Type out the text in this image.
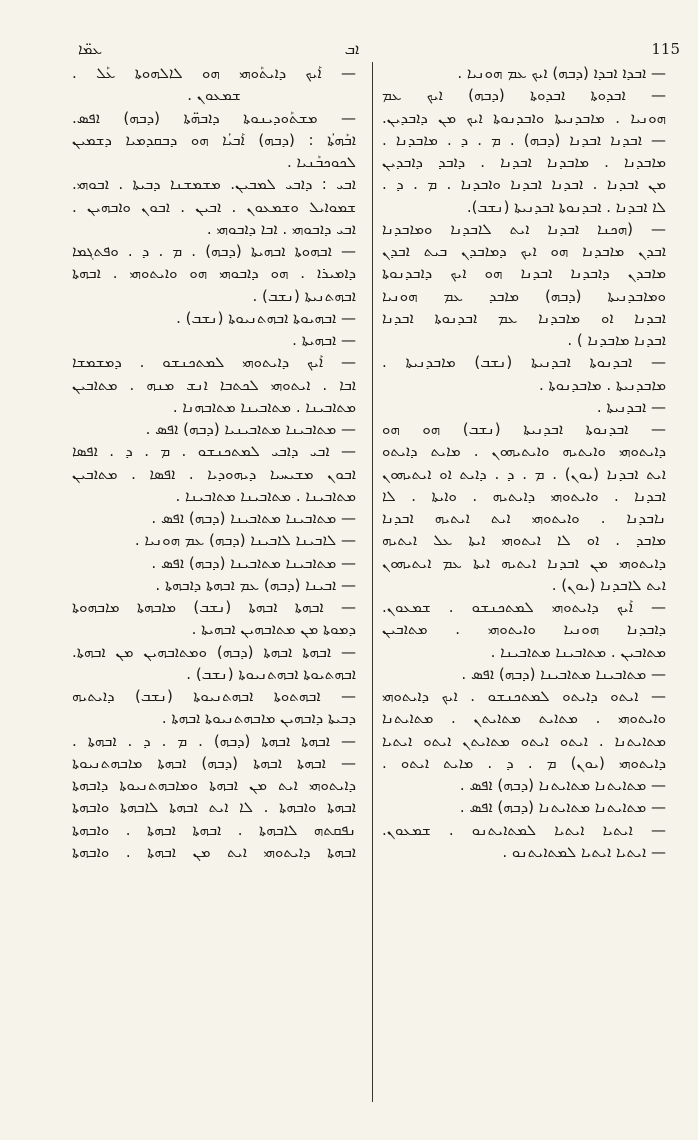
ܥܡ̈ܐ	ܐܒ	115
— ܐܰܝܟ ܕܐܝܬܰܘܗܝ ܗܘ ܠܐܠܗܘܬܐ ܥܰܠ .
ܫܡܥܘܢ .
— ܡܫܬܰܘܕܝܢܘܬܐ ܕܐܒܗ̈ܬܐ (ܕܒܗ) ܐܦܣ.
ܐܒܰܗܬܳܐ : (ܕܒܗ) ܐܰܒܝܳܐ ܗܘ ܕܒܩܕܡܝܐ ܕܫܡܝܢ
ܠܟܘܟܒܰܢܝܐ .
ܐܒܝ : ܕܐܒܝ ܠܡܒܝܢ. ܡܫܡܫܢܐ ܕܒܝܬܐ . ܐܒܘܗܝ.
ܫܡܘܐܝܠ ܘܫܡܥܘܢ . ܐܒܝܢ . ܐܒܘܢ ܘܐܒܗܝܢ .
ܐܒܝ ܕܐܒܘܗܝ . ܐܒܐ ܕܐܒܘܗܝ .
— ܐܒܗܘܬܐ ܐܒܗܝܬܐ (ܕܒܗ) . ܡ . ܕ . ܘܦܬܓܡܐ
ܕܐܡܝܪܐ . ܗܘ ܕܐܒܘܗܝ ܗܘ ܘܐܝܬܘܗܝ . ܐܒܗܬܐ
ܐܒܗܬܢܝܬܐ (ܢܫܒ) .
— ܐܒܗܝܘܬܐ ܐܒܗܬܢܝܘܬܐ (ܢܫܒ) .
— ܐܒܗܝܬܐ .
— ܐܰܝܟ ܕܐܝܬܘܗܝ ܠܡܬܟܢܫܘ . ܕܡܫܡܫܐ
ܐܒܐ . ܐܝܬܘܗܝ ܠܟܬܒܐ ܐܢܫ ܡܢܗ . ܡܬܐܒܝܢ
ܡܬܐܒܝܢܐ . ܡܬܐܒܝܢܐ ܡܬܐܒܗܢܐ .
— ܡܬܐܒܝܢܐ ܡܬܐܒܝܢܝܐ (ܕܒܗ) ܐܦܣ .
— ܐܒܝ ܕܐܒܝ ܠܡܬܟܢܫܘ . ܡ . ܕ . ܐܦܣܐ
ܐܒܘܢ ܡܫܝܚܝܐ ܕܝܗܘܕܝܐ . ܐܦܣܐ . ܡܬܐܒܝܢ
ܡܬܐܒܝܢܐ . ܡܬܐܒܝܢܐ ܡܬܐܒܝܢܐ .
— ܡܬܐܒܝܢܐ ܡܬܐܒܝܢܐ (ܕܒܗ) ܐܦܣ .
— ܠܐܒܝܢܐ ܠܐܒܝܢܐ (ܕܒܗ) ܥܡ ܗܘܢܝܐ .
— ܡܬܐܒܝܢܐ ܡܬܐܒܝܢܐ (ܕܒܗ) ܐܦܣ .
— ܐܒܝܢܐ (ܕܒܗ) ܥܡ ܐܒܗܬܐ ܕܐܒܗܬܐ .
— ܐܒܗܬܐ ܐܒܗܬܐ (ܢܫܒ) ܡܐܒܗܬܐ ܡܐܒܗܘܬܐ
ܕܡܘܬܐ ܡܢ ܡܬܐܒܗܝܢ ܐܒܗܝܬܐ .
— ܐܒܗܬܐ ܐܒܗܬܐ (ܕܒܗ) ܘܡܬܐܒܗܝܢ ܡܢ ܐܒܗܬܐ.
ܐܒܗܬܝܘܬܐ ܐܒܗܬܢܝܘܬܐ (ܢܫܒ) .
— ܐܒܗܬܘܬܐ ܐܒܗܬܢܝܘܬܐ (ܢܫܒ) ܕܐܝܬܝܗ
ܕܒܝܬܐ ܕܐܒܗܝܢ ܡܐܒܗܬܢܝܘܬܐ ܐܒܗܬܐ .
— ܐܒܗܬܐ ܐܒܗܬܐ (ܕܒܗ) . ܡ . ܕ . ܐܒܗܬܐ .
— ܐܒܗܬܐ ܐܒܗܬܐ (ܕܒܗ) ܐܒܗܬܐ ܡܐܒܗܬܢܝܘܬܐ
ܕܐܝܬܘܗܝ ܐܝܬ ܡܢ ܐܒܗܬܐ ܘܡܐܒܗܬܢܝܘܬܐ ܕܐܒܗܬܐ
ܐܒܗܬܐ ܘܐܒܗܬܐ . ܠܐ ܐܝܬ ܐܒܗܬܐ ܠܐܒܗܬܐ ܘܐܒܗܬܐ
ܢܦܩܬܗ ܠܐܒܗܬܐ . ܐܒܗܬܐ ܐܒܗܬܐ . ܘܐܒܗܬܐ
ܐܒܗܬܐ ܕܐܝܬܘܗܝ ܐܝܬ ܡܢ ܐܒܗܬܐ . ܘܐܒܗܬܐ
— ܐܒܕܐ ܐܒܕܐ (ܕܒܗ) ܐܝܟ ܥܡ ܗܘܢܝܐ .
— ܐܒܕܘܬܐ ܐܒܕܘܬܐ (ܕܒܗ) ܐܝܟ ܥܡ
ܗܘܢܝܐ . ܡܐܒܕܢܝܬܐ ܘܐܒܕܢܘܬܐ ܐܝܟ ܡܢ ܕܐܒܕܝܢ.
— ܐܒܕܢܐ ܐܒܕܢܐ (ܕܒܗ) . ܡ . ܕ . ܡܐܒܕܢܐ .
ܡܐܒܕܢܐ . ܡܐܒܕܢܐ ܐܒܕܢܐ . ܕܐܒܕ ܕܐܒܕܝܢ
ܡܢ ܐܒܕܢܐ . ܐܒܕܢܐ ܐܒܕܢܐ ܘܐܒܕܢܐ . ܡ . ܕ .
ܠܐ ܐܒܕܢܐ . ܐܒܕܢܘܬܐ ܐܒܕܢܝܬܐ (ܢܫܒ).
— (ܗܟܢܐ ܐܒܕܢܐ ܐܝܬ ܠܐܒܕܢܐ ܘܡܐܒܕܢܐ
ܐܒܕܢ ܡܐܒܕܢܐ ܗܘ ܐܝܟ ܕܡܐܒܕܢ ܒܝܬ ܐܒܕܢ
ܡܐܒܕܢ ܕܐܒܕܢܐ ܐܒܕܢܐ ܗܘ ܐܝܟ ܕܐܒܕܢܘܬܐ
ܘܡܐܒܕܢܝܬܐ (ܕܒܗ) ܡܐܒܕ ܥܡ ܗܘܢܝܐ
ܐܒܕܢܐ ܐܘ ܡܐܒܕܢܐ ܥܡ ܐܒܕܢܘܬܐ ܐܒܕܢܐ
ܐܒܕܢܐ ܡܐܒܕܢܐ ) .
— ܐܒܕܢܘܬܐ ܐܒܕܢܝܬܐ (ܢܫܒ) ܡܐܒܕܢܝܬܐ .
ܡܐܒܕܢܝܬܐ . ܡܐܒܕܢܘܬܐ .
— ܐܒܕܢܝܬܐ .
— ܐܒܕܢܘܬܐ ܐܒܕܢܝܬܐ (ܢܫܒ) ܗܘ ܗܘ
ܕܐܝܬܘܗܝ ܘܐܝܬܝܗ ܘܐܝܬܝܗܘܢ . ܡܐܝܬ ܕܐܝܬܘ
ܐܝܬ ܐܒܕܢܐ (ܝܘܢ) . ܡ . ܕ . ܕܐܝܬ ܐܘ ܐܝܬܝܗܘܢ
ܐܒܕܢܐ . ܘܐܝܬܘܗܝ ܕܐܝܬܝܗ . ܘܐܝܬܐ . ܠܐ
ܢܐܒܕܢܐ . ܘܐܝܬܘܗܝ ܐܝܬ ܐܝܬܝܗ ܐܒܕܢܐ
ܡܐܒܕ . ܐܘ ܠܐ ܐܝܬܘܗܝ ܐܝܬܐ ܥܠ ܐܝܬܝܗ
ܕܐܝܬܘܗܝ ܡܢ ܐܒܕܢܐ ܐܝܬܝܗ ܐܝܬܐ ܥܡ ܐܝܬܝܗܘܢ
ܐܝܬ ܠܐܒܕܢܐ (ܝܘܢ) .
— ܐܰܝܟ ܕܐܝܬܘܗܝ ܠܡܬܟܢܫܘ . ܫܡܥܘܢ.
ܕܐܒܕܢܐ ܗܘܢܝܐ ܘܐܝܬܘܗܝ . ܡܬܐܒܝܢ
ܡܬܐܒܝܢ . ܡܬܐܒܝܢܐ ܡܬܐܒܝܢܐ .
— ܡܬܐܒܝܢܐ ܡܬܐܒܝܢܐ (ܕܒܗ) ܐܦܣ .
— ܐܝܬܘ ܕܐܝܬܘ ܠܡܬܟܢܫܘ . ܐܝܟ ܕܐܝܬܘܗܝ
ܘܐܝܬܘܗܝ . ܡܬܐܝܬ ܡܬܐܝܬܢ . ܡܬܐܝܬܢܐ
ܡܬܐܝܬܢܐ . ܐܝܬܘ ܐܝܬܘ ܡܬܐܝܬܢ ܐܝܬܘ ܐܝܬܝܐ
ܕܐܝܬܘܗܝ (ܝܘܢ) ܡ . ܕ . ܡܐܝܬ ܐܝܬܘ .
— ܡܬܐܝܬܢܐ ܡܬܐܝܬܢܐ (ܕܒܗ) ܐܦܣ .
— ܡܬܐܝܬܢܐ ܡܬܐܝܬܢܐ (ܕܒܗ) ܐܦܣ .
— ܐܝܬܝܐ ܐܝܬܝܐ ܠܡܬܐܝܬܢܘ . ܫܡܥܘܢ.
— ܐܝܬܝܐ ܐܝܬܝܐ ܠܡܬܐܝܬܢܘ .
